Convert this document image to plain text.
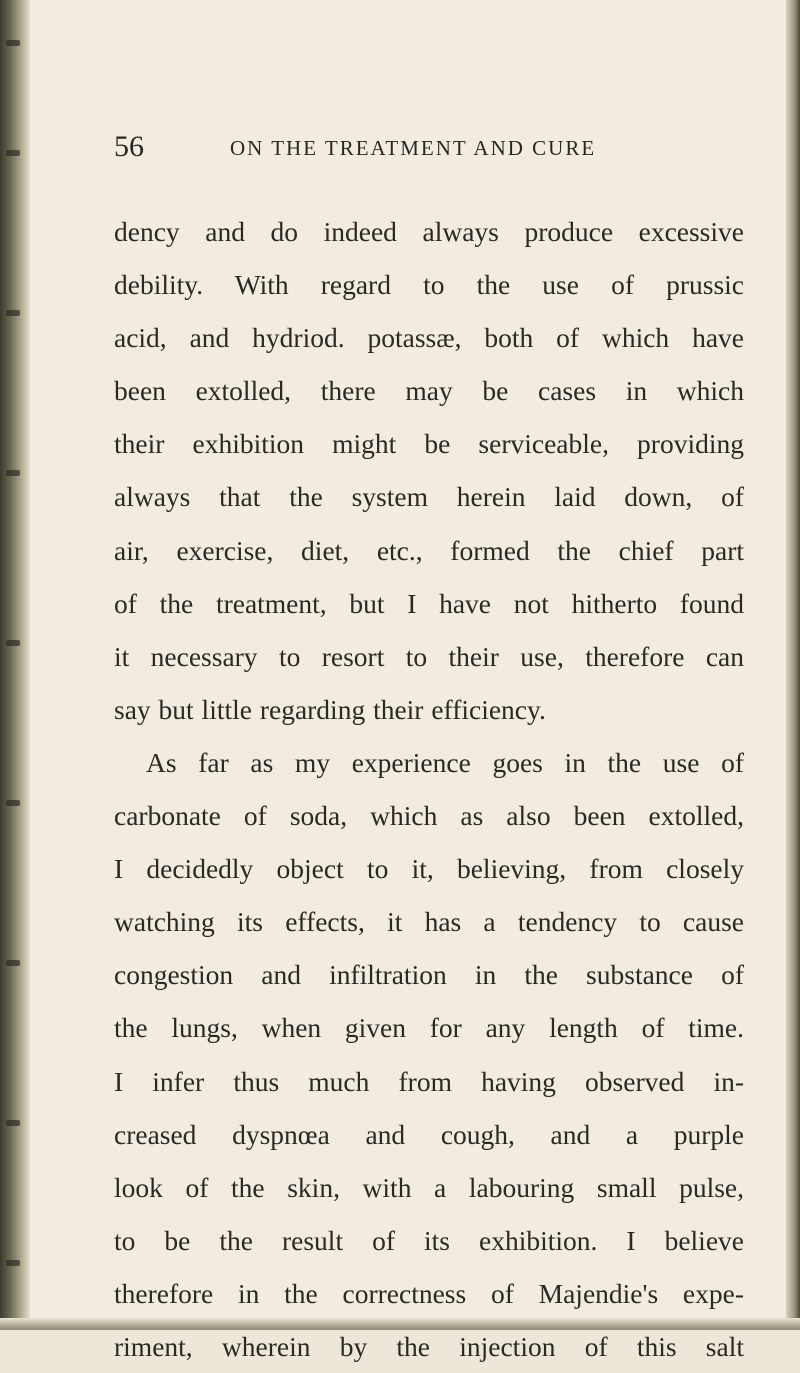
56	ON THE TREATMENT AND CURE
dency and do indeed always produce excessive
debility. With regard to the use of prussic
acid, and hydriod. potassæ, both of which have
been extolled, there may be cases in which
their exhibition might be serviceable, providing
always that the system herein laid down, of
air, exercise, diet, etc., formed the chief part
of the treatment, but I have not hitherto found
it necessary to resort to their use, therefore can
say but little regarding their efficiency.
As far as my experience goes in the use of
carbonate of soda, which as also been extolled,
I decidedly object to it, believing, from closely
watching its effects, it has a tendency to cause
congestion and infiltration in the substance of
the lungs, when given for any length of time.
I infer thus much from having observed in-
creased dyspnœa and cough, and a purple
look of the skin, with a labouring small pulse,
to be the result of its exhibition. I believe
therefore in the correctness of Majendie's expe-
riment, wherein by the injection of this salt
